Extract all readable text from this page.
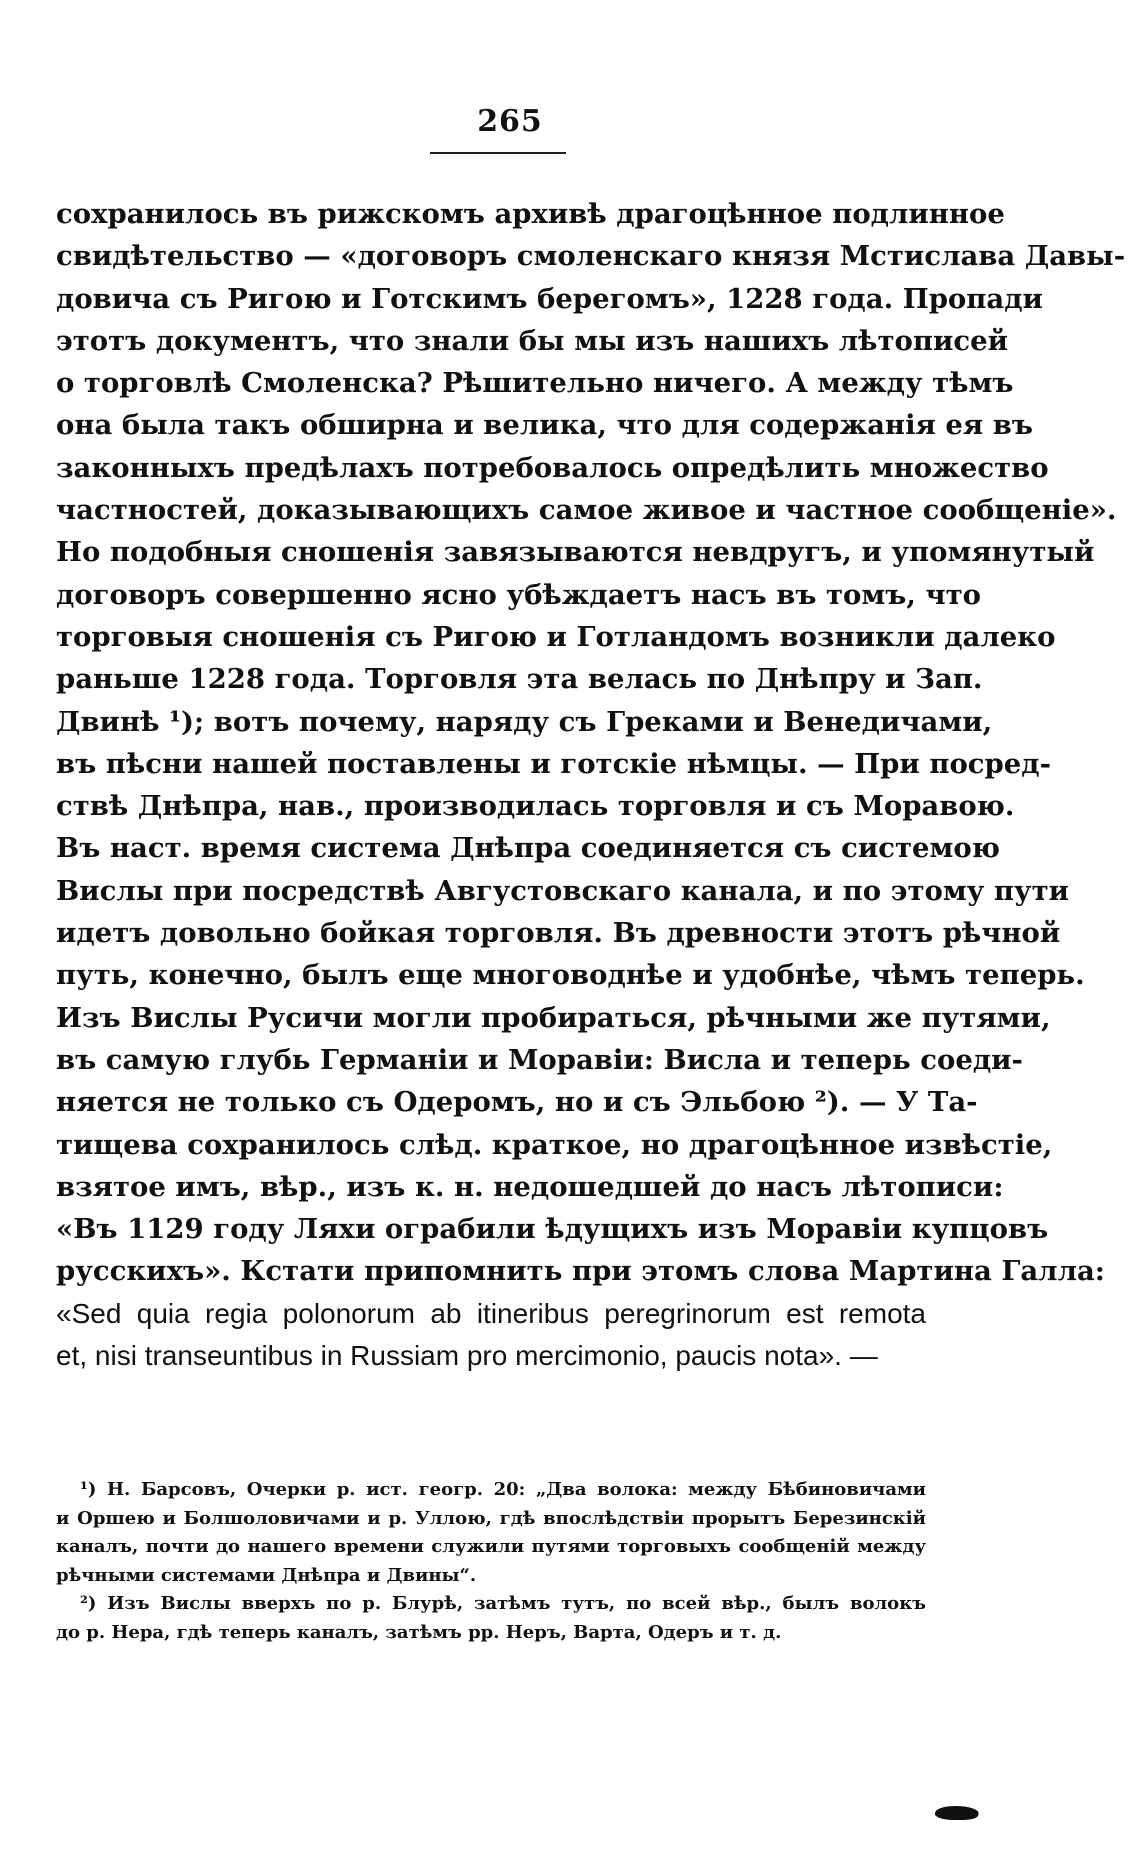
265
сохранилось въ рижскомъ архивѣ драгоцѣнное подлинное
свидѣтельство — «договоръ смоленскаго князя Мстислава Давы-
довича съ Ригою и Готскимъ берегомъ», 1228 года. Пропади
этотъ документъ, что знали бы мы изъ нашихъ лѣтописей
о торговлѣ Смоленска? Рѣшительно ничего. А между тѣмъ
она была такъ обширна и велика, что для содержанія ея въ
законныхъ предѣлахъ потребовалось опредѣлить множество
частностей, доказывающихъ самое живое и частное сообщеніе».
Но подобныя сношенія завязываются невдругъ, и упомянутый
договоръ совершенно ясно убѣждаетъ насъ въ томъ, что
торговыя сношенія съ Ригою и Готландомъ возникли далеко
раньше 1228 года. Торговля эта велась по Днѣпру и Зап.
Двинѣ ¹); вотъ почему, наряду съ Греками и Венедичами,
въ пѣсни нашей поставлены и готскіе нѣмцы. — При посред-
ствѣ Днѣпра, нав., производилась торговля и съ Моравою.
Въ наст. время система Днѣпра соединяется съ системою
Вислы при посредствѣ Августовскаго канала, и по этому пути
идетъ довольно бойкая торговля. Въ древности этотъ рѣчной
путь, конечно, былъ еще многоводнѣе и удобнѣе, чѣмъ теперь.
Изъ Вислы Русичи могли пробираться, рѣчными же путями,
въ самую глубь Германіи и Моравіи: Висла и теперь соеди-
няется не только съ Одеромъ, но и съ Эльбою ²). — У Та-
тищева сохранилось слѣд. краткое, но драгоцѣнное извѣстіе,
взятое имъ, вѣр., изъ к. н. недошедшей до насъ лѣтописи:
«Въ 1129 году Ляхи ограбили ѣдущихъ изъ Моравіи купцовъ
русскихъ». Кстати припомнить при этомъ слова Мартина Галла:
«Sed quia regia polonorum ab itineribus peregrinorum est remota
et, nisi transeuntibus in Russiam pro mercimonio, paucis nota». —
¹) Н. Барсовъ, Очерки р. ист. геогр. 20: „Два волока: между Бѣбиновичами
и Оршею и Болшоловичами и р. Уллою, гдѣ впослѣдствіи прорытъ Березинскій
каналъ, почти до нашего времени служили путями торговыхъ сообщеній между
рѣчными системами Днѣпра и Двины“.
²) Изъ Вислы вверхъ по р. Блурѣ, затѣмъ тутъ, по всей вѣр., былъ волокъ
до р. Нера, гдѣ теперь каналъ, затѣмъ рр. Неръ, Варта, Одеръ и т. д.
